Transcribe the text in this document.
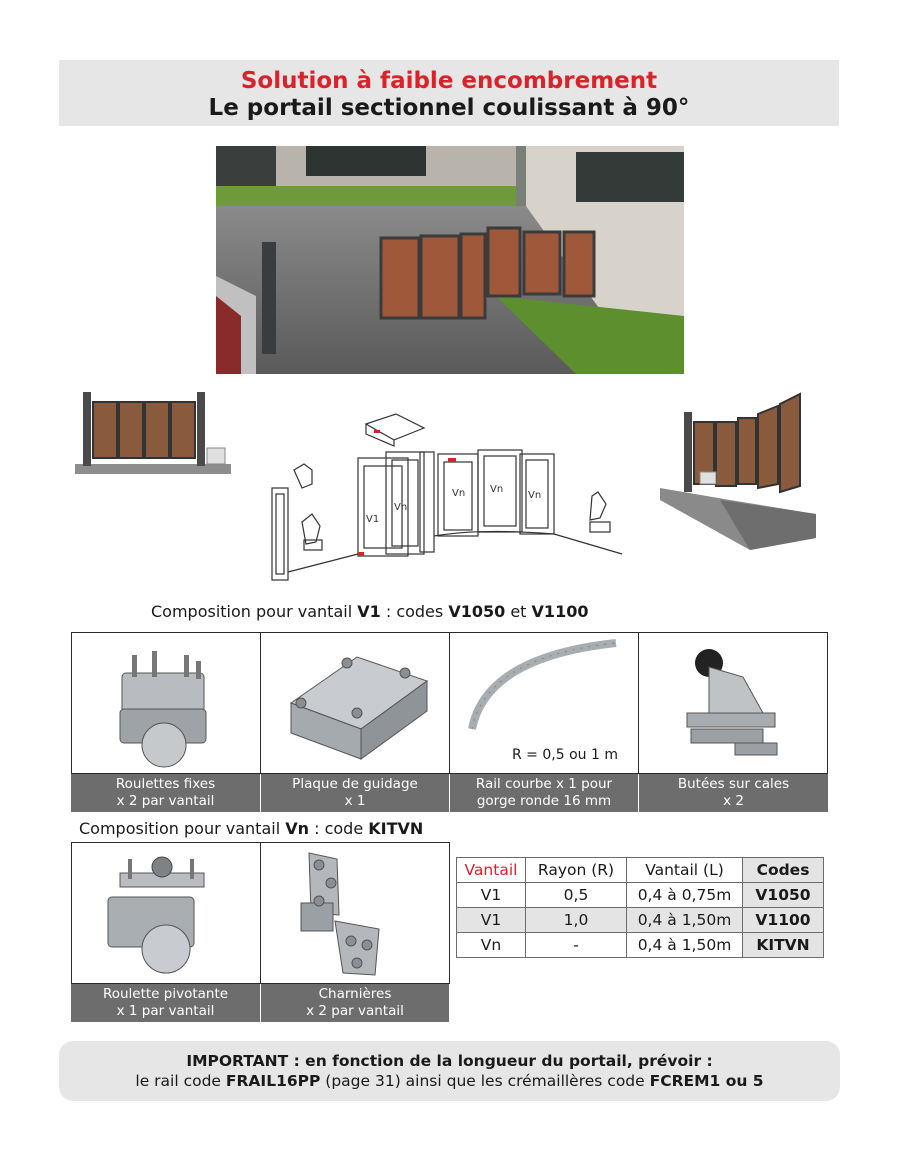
Solution à faible encombrement
Le portail sectionnel coulissant à 90°
V1
Vn
Vn Vn
Vn
Composition pour vantail V1 : codes V1050 et V1100
R = 0,5 ou 1 m
Roulettes fixes
x 2 par vantail
Plaque de guidage
x 1
Rail courbe x 1 pour
gorge ronde 16 mm
Butées sur cales
x 2
Composition pour vantail Vn : code KITVN
Roulette pivotante
x 1 par vantail
Charnières
x 2 par vantail
Vantail	Rayon (R)	Vantail (L)	Codes
V1	0,5	0,4 à 0,75m	V1050
V1	1,0	0,4 à 1,50m	V1100
Vn	-	0,4 à 1,50m	KITVN
IMPORTANT : en fonction de la longueur du portail, prévoir :
le rail code FRAIL16PP (page 31) ainsi que les crémaillères code FCREM1 ou 5
